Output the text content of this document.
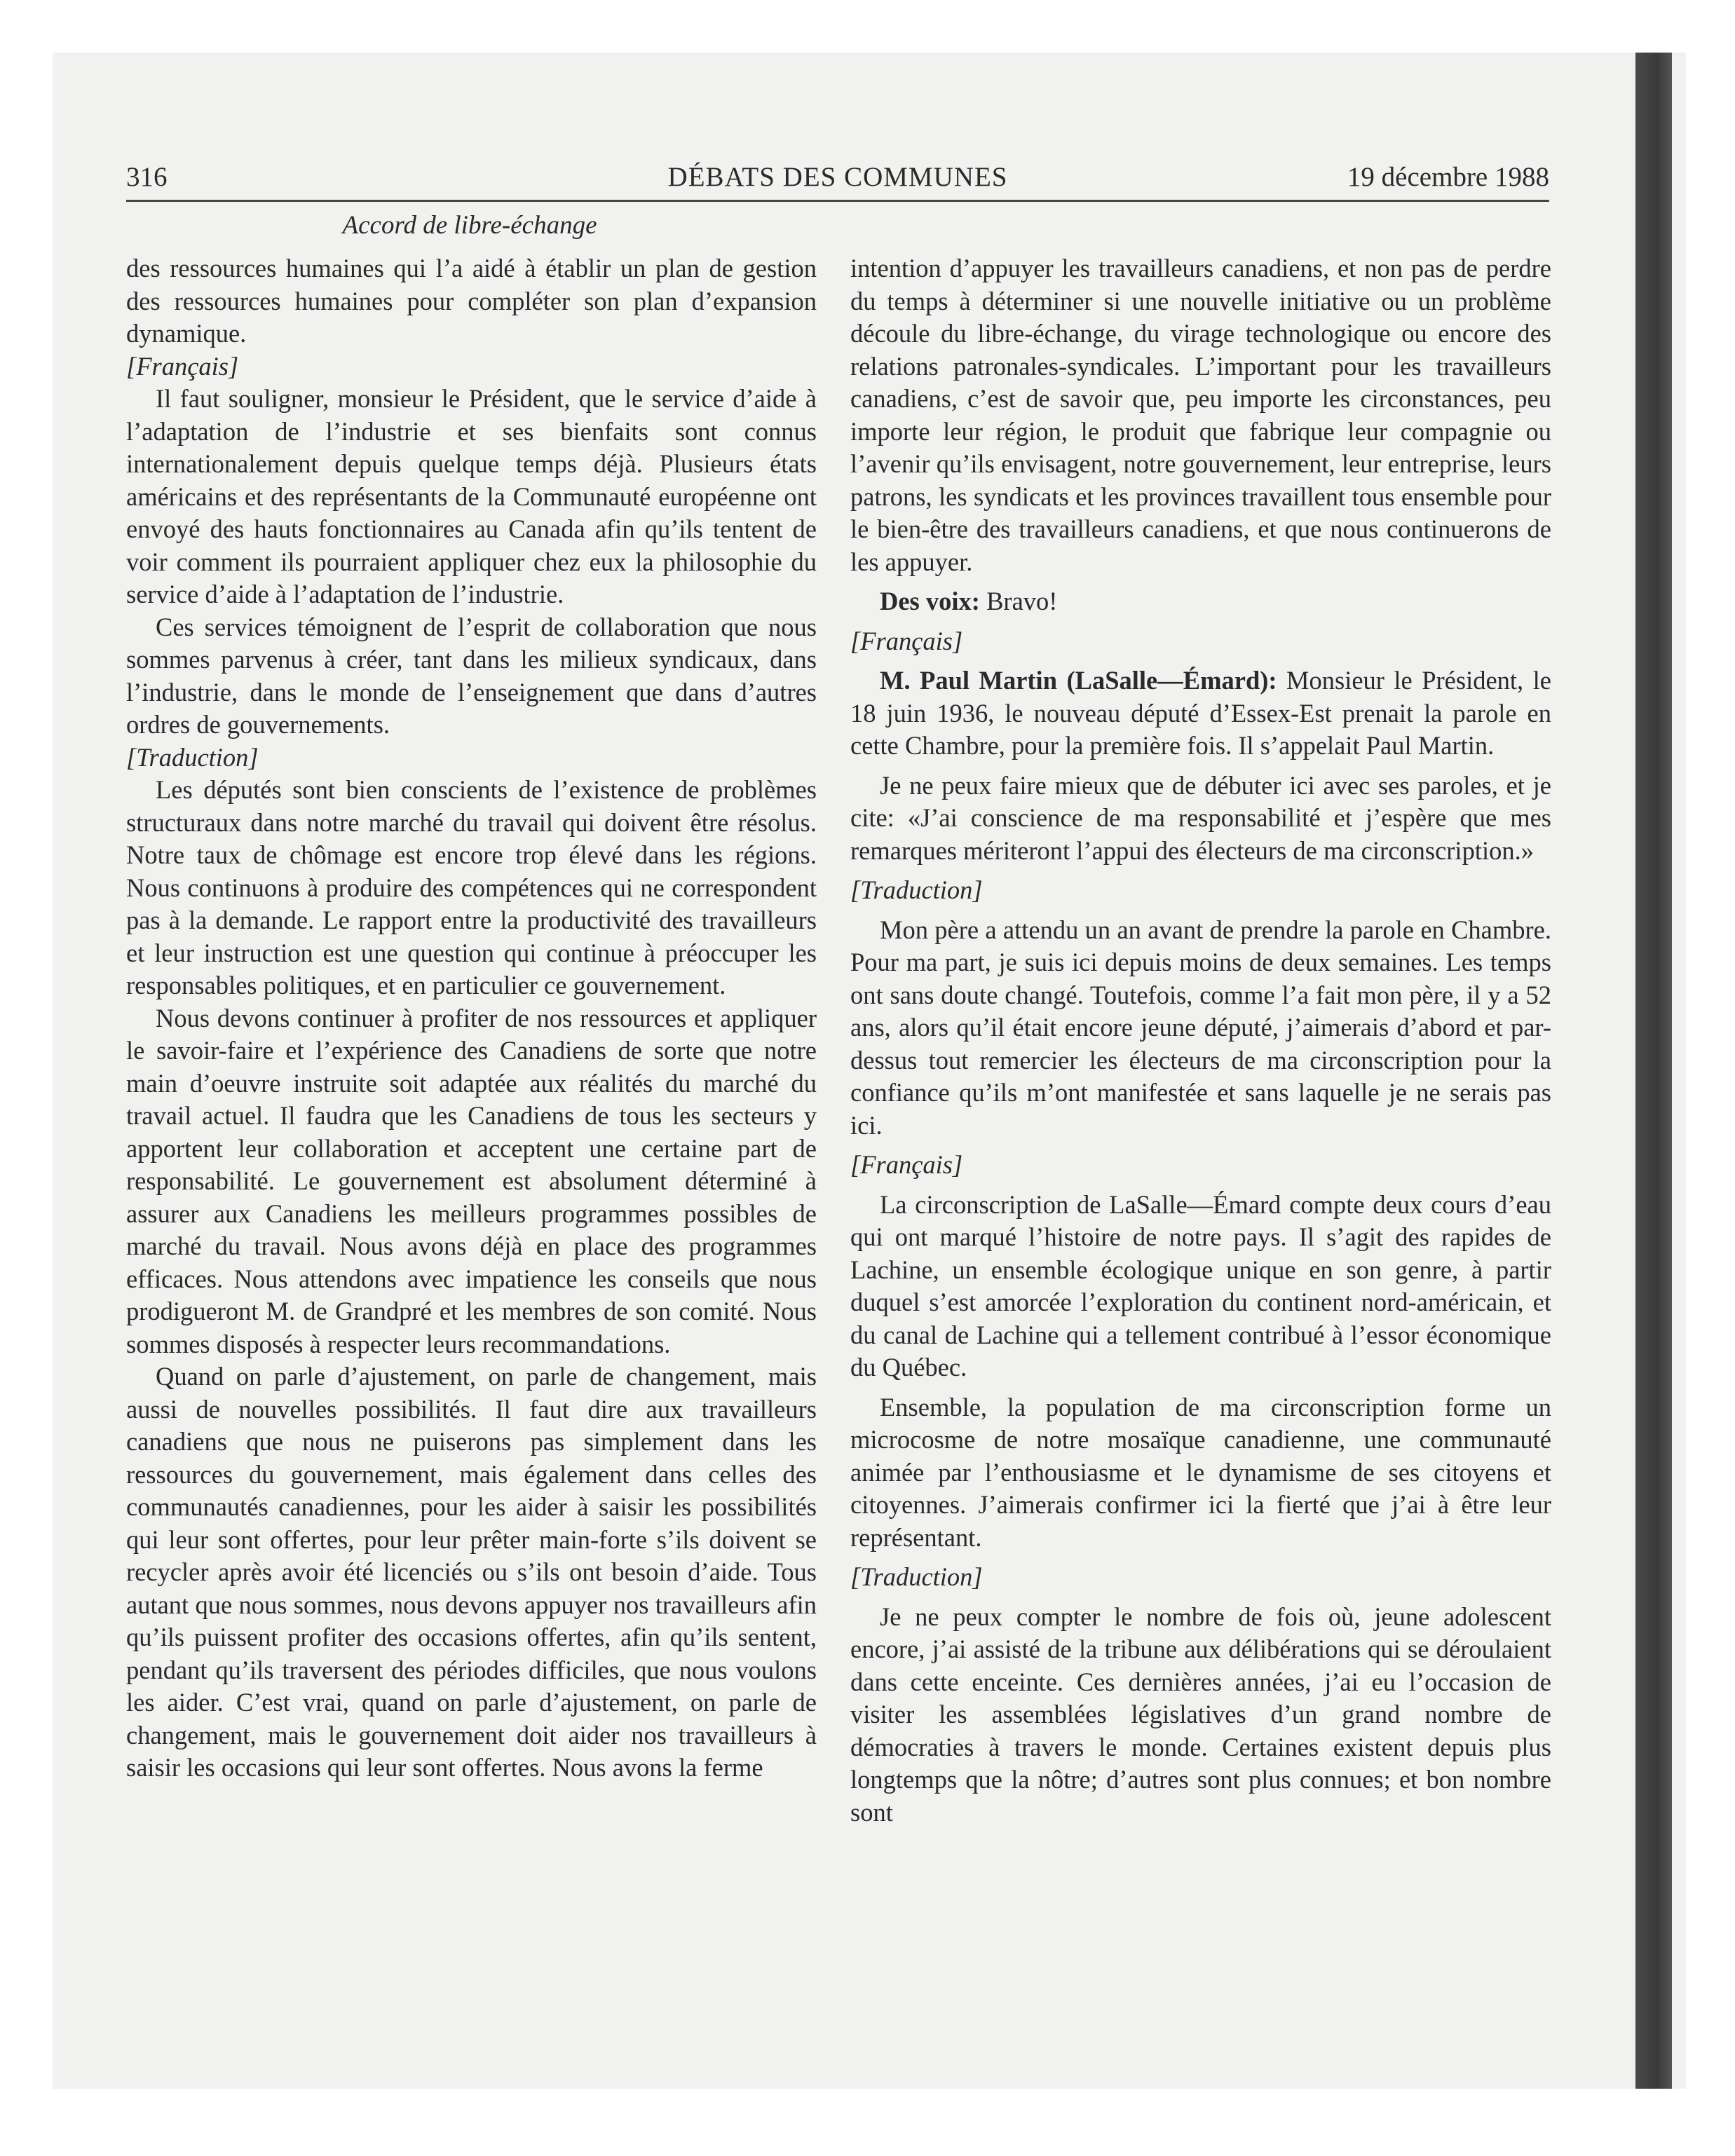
316	DÉBATS DES COMMUNES	19 décembre 1988
Accord de libre-échange

des ressources humaines qui l’a aidé à établir un plan de gestion des ressources humaines pour compléter son plan d’expansion dynamique.

[Français]

Il faut souligner, monsieur le Président, que le service d’aide à l’adaptation de l’industrie et ses bienfaits sont connus internationalement depuis quelque temps déjà. Plusieurs états américains et des représentants de la Communauté européenne ont envoyé des hauts fonctionnaires au Canada afin qu’ils tentent de voir comment ils pourraient appliquer chez eux la philosophie du service d’aide à l’adaptation de l’industrie.

Ces services témoignent de l’esprit de collaboration que nous sommes parvenus à créer, tant dans les milieux syndicaux, dans l’industrie, dans le monde de l’enseignement que dans d’autres ordres de gouvernements.

[Traduction]

Les députés sont bien conscients de l’existence de problèmes structuraux dans notre marché du travail qui doivent être résolus. Notre taux de chômage est encore trop élevé dans les régions. Nous continuons à produire des compétences qui ne correspondent pas à la demande. Le rapport entre la productivité des travailleurs et leur instruction est une question qui continue à préoccuper les responsables politiques, et en particulier ce gouvernement.

Nous devons continuer à profiter de nos ressources et appliquer le savoir-faire et l’expérience des Canadiens de sorte que notre main d’oeuvre instruite soit adaptée aux réalités du marché du travail actuel. Il faudra que les Canadiens de tous les secteurs y apportent leur collaboration et acceptent une certaine part de responsabilité. Le gouvernement est absolument déterminé à assurer aux Canadiens les meilleurs programmes possibles de marché du travail. Nous avons déjà en place des programmes efficaces. Nous attendons avec impatience les conseils que nous prodigueront M. de Grandpré et les membres de son comité. Nous sommes disposés à respecter leurs recommandations.

Quand on parle d’ajustement, on parle de changement, mais aussi de nouvelles possibilités. Il faut dire aux travailleurs canadiens que nous ne puiserons pas simplement dans les ressources du gouvernement, mais également dans celles des communautés canadiennes, pour les aider à saisir les possibilités qui leur sont offertes, pour leur prêter main-forte s’ils doivent se recycler après avoir été licenciés ou s’ils ont besoin d’aide. Tous autant que nous sommes, nous devons appuyer nos travailleurs afin qu’ils puissent profiter des occasions offertes, afin qu’ils sentent, pendant qu’ils traversent des périodes difficiles, que nous voulons les aider. C’est vrai, quand on parle d’ajustement, on parle de changement, mais le gouvernement doit aider nos travailleurs à saisir les occasions qui leur sont offertes. Nous avons la ferme

intention d’appuyer les travailleurs canadiens, et non pas de perdre du temps à déterminer si une nouvelle initiative ou un problème découle du libre-échange, du virage technologique ou encore des relations patronales-syndicales. L’important pour les travailleurs canadiens, c’est de savoir que, peu importe les circonstances, peu importe leur région, le produit que fabrique leur compagnie ou l’avenir qu’ils envisagent, notre gouvernement, leur entreprise, leurs patrons, les syndicats et les provinces travaillent tous ensemble pour le bien-être des travailleurs canadiens, et que nous continuerons de les appuyer.

Des voix: Bravo!

[Français]

M. Paul Martin (LaSalle—Émard): Monsieur le Président, le 18 juin 1936, le nouveau député d’Essex-Est prenait la parole en cette Chambre, pour la première fois. Il s’appelait Paul Martin.

Je ne peux faire mieux que de débuter ici avec ses paroles, et je cite: «J’ai conscience de ma responsabilité et j’espère que mes remarques mériteront l’appui des électeurs de ma circonscription.»

[Traduction]

Mon père a attendu un an avant de prendre la parole en Chambre. Pour ma part, je suis ici depuis moins de deux semaines. Les temps ont sans doute changé. Toutefois, comme l’a fait mon père, il y a 52 ans, alors qu’il était encore jeune député, j’aimerais d’abord et par-dessus tout remercier les électeurs de ma circonscription pour la confiance qu’ils m’ont manifestée et sans laquelle je ne serais pas ici.

[Français]

La circonscription de LaSalle—Émard compte deux cours d’eau qui ont marqué l’histoire de notre pays. Il s’agit des rapides de Lachine, un ensemble écologique unique en son genre, à partir duquel s’est amorcée l’exploration du continent nord-américain, et du canal de Lachine qui a tellement contribué à l’essor économique du Québec.

Ensemble, la population de ma circonscription forme un microcosme de notre mosaïque canadienne, une communauté animée par l’enthousiasme et le dynamisme de ses citoyens et citoyennes. J’aimerais confirmer ici la fierté que j’ai à être leur représentant.

[Traduction]

Je ne peux compter le nombre de fois où, jeune adolescent encore, j’ai assisté de la tribune aux délibérations qui se déroulaient dans cette enceinte. Ces dernières années, j’ai eu l’occasion de visiter les assemblées législatives d’un grand nombre de démocraties à travers le monde. Certaines existent depuis plus longtemps que la nôtre; d’autres sont plus connues; et bon nombre sont
